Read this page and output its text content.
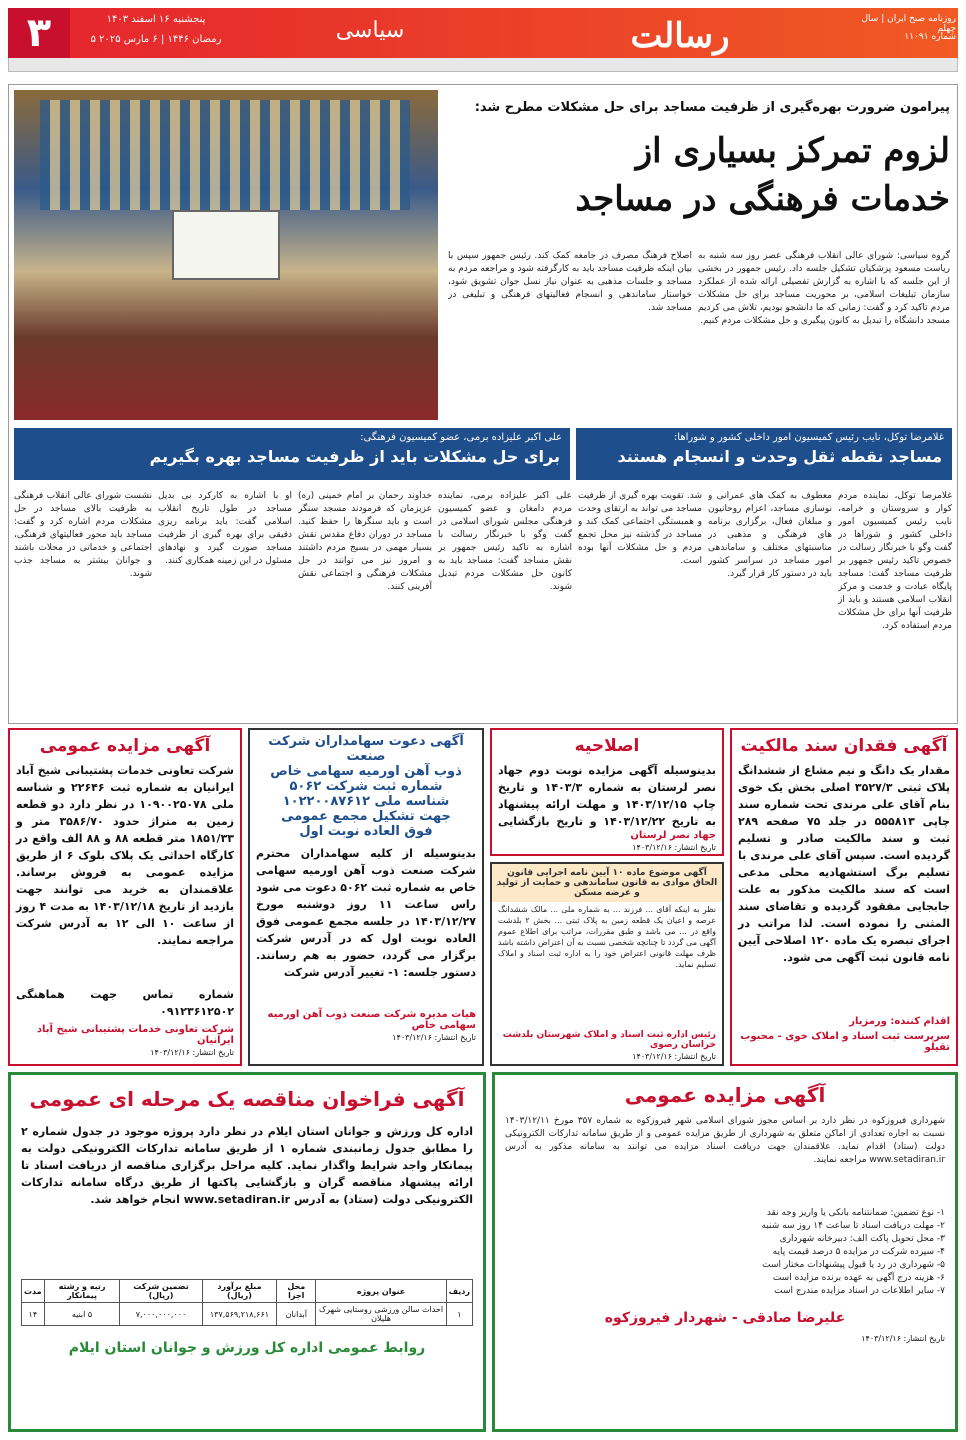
۳	پنجشنبه ۱۶ اسفند ۱۴۰۳
۵ رمضان ۱۴۴۶ | ۶ مارس ۲۰۲۵	سیاسی	رسالت	روزنامه صبح ایران | سال چهلم
شماره ۱۱۰۹۱
پیرامون ضرورت بهره‌گیری از ظرفیت مساجد برای حل مشکلات مطرح شد:
لزوم تمرکز بسیاری از
خدمات فرهنگی در مساجد
گروه سیاسی: شورای عالی انقلاب فرهنگی عصر روز سه شنبه به ریاست مسعود پزشکیان تشکیل جلسه داد. رئیس جمهور در بخشی از این جلسه که با اشاره به گزارش تفصیلی ارائه شده از عملکرد سازمان تبلیغات اسلامی، بر محوریت مساجد برای حل مشکلات مردم تاکید کرد و گفت: زمانی که ما دانشجو بودیم، تلاش می کردیم مسجد دانشگاه را تبدیل به کانون پیگیری و حل مشکلات مردم کنیم.
اصلاح فرهنگ مصرف در جامعه کمک کند. رئیس جمهور سپس با بیان اینکه ظرفیت مساجد باید به کارگرفته شود و مراجعه مردم به مساجد و جلسات مذهبی به عنوان نیاز نسل جوان تشویق شود، خواستار ساماندهی و انسجام فعالیتهای فرهنگی و تبلیغی در مساجد شد.
غلامرضا توکل، نایب رئیس کمیسیون امور داخلی کشور و شوراها:
مساجد نقطه ثقل وحدت و انسجام هستند
علی اکبر علیزاده برمی، عضو کمیسیون فرهنگی:
برای حل مشکلات باید از ظرفیت مساجد بهره بگیریم
غلامرضا توکل، نماینده مردم کوار و سروستان و خرامه، نایب رئیس کمیسیون امور داخلی کشور و شوراها در گفت وگو با خبرنگار رسالت در خصوص تاکید رئیس جمهور بر ظرفیت مساجد گفت: مساجد پایگاه عبادت و خدمت و مرکز انقلاب اسلامی هستند و باید از ظرفیت آنها برای حل مشکلات مردم استفاده کرد.
معطوف به کمک های عمرانی و نوسازی مساجد، اعزام روحانیون و مبلغان فعال، برگزاری برنامه های فرهنگی و مذهبی در مناسبتهای مختلف و ساماندهی امور مساجد در سراسر کشور باید در دستور کار قرار گیرد.
شد. تقویت بهره گیری از ظرفیت مساجد می تواند به ارتقای وحدت و همبستگی اجتماعی کمک کند و مساجد در گذشته نیز محل تجمع مردم و حل مشکلات آنها بوده است.
علی اکبر علیزاده برمی، نماینده مردم دامغان و عضو کمیسیون فرهنگی مجلس شورای اسلامی در گفت وگو با خبرنگار رسالت با اشاره به تاکید رئیس جمهور بر نقش مساجد گفت: مساجد باید به کانون حل مشکلات مردم تبدیل شوند.
خداوند رحمان بر امام خمینی (ره) عزیزمان که فرمودند مسجد سنگر است و باید سنگرها را حفظ کنید. مساجد در دوران دفاع مقدس نقش بسیار مهمی در بسیج مردم داشتند و امروز نیز می توانند در حل مشکلات فرهنگی و اجتماعی نقش آفرینی کنند.
او با اشاره به کارکرد بی بدیل مساجد در طول تاریخ انقلاب اسلامی گفت: باید برنامه ریزی دقیقی برای بهره گیری از ظرفیت مساجد صورت گیرد و نهادهای مسئول در این زمینه همکاری کنند.
نشست شورای عالی انقلاب فرهنگی به ظرفیت بالای مساجد در حل مشکلات مردم اشاره کرد و گفت: مساجد باید محور فعالیتهای فرهنگی، اجتماعی و خدماتی در محلات باشند و جوانان بیشتر به مساجد جذب شوند.
آگهی فقدان سند مالکیت
مقدار یک دانگ و نیم مشاع از ششدانگ پلاک ثبتی ۳۵۲۷/۳ اصلی بخش یک خوی بنام آقای علی مرندی تحت شماره سند چاپی ۵۵۵۸۱۳ در جلد ۷۵ صفحه ۲۸۹ ثبت و سند مالکیت صادر و تسلیم گردیده است. سپس آقای علی مرندی با تسلیم برگ استشهادیه محلی مدعی است که سند مالکیت مذکور به علت جابجایی مفقود گردیده و تقاضای سند المثنی را نموده است. لذا مراتب در اجرای تبصره یک ماده ۱۲۰ اصلاحی آیین نامه قانون ثبت آگهی می شود.
اقدام کننده: ورمزیار
سرپرست ثبت اسناد و املاک خوی - محبوب تقیلو
اصلاحیه
بدینوسیله آگهی مزایده نوبت دوم جهاد نصر لرستان به شماره ۱۴۰۳/۳ و تاریخ چاپ ۱۴۰۳/۱۲/۱۵ و مهلت ارائه پیشنهاد به تاریخ ۱۴۰۳/۱۲/۲۲ و تاریخ بازگشایی
جهاد نصر لرستان
تاریخ انتشار: ۱۴۰۳/۱۲/۱۶
آگهی موضوع ماده ۱۰ آیین نامه اجرایی قانون الحاق موادی به قانون ساماندهی و حمایت از تولید و عرضه مسکن
نظر به اینکه آقای ... فرزند ... به شماره ملی ... مالک ششدانگ عرصه و اعیان یک قطعه زمین به پلاک ثبتی ... بخش ۲ بلدشت واقع در ... می باشد و طبق مقررات، مراتب برای اطلاع عموم آگهی می گردد تا چنانچه شخصی نسبت به آن اعتراض داشته باشد ظرف مهلت قانونی اعتراض خود را به اداره ثبت اسناد و املاک تسلیم نماید.
رئیس اداره ثبت اسناد و املاک شهرستان بلدشت خراسان رضوی
تاریخ انتشار: ۱۴۰۳/۱۲/۱۶
آگهی دعوت سهامداران شرکت صنعت
ذوب آهن اورمیه سهامی خاص
شماره ثبت شرکت ۵۰۶۲
شناسه ملی ۱۰۲۲۰۰۸۷۶۱۲
جهت تشکیل مجمع عمومی
فوق العاده نوبت اول
بدینوسیله از کلیه سهامداران محترم شرکت صنعت ذوب آهن اورمیه سهامی خاص به شماره ثبت ۵۰۶۲ دعوت می شود راس ساعت ۱۱ روز دوشنبه مورخ ۱۴۰۳/۱۲/۲۷ در جلسه مجمع عمومی فوق العاده نوبت اول که در آدرس شرکت برگزار می گردد، حضور به هم رسانند. دستور جلسه: ۱- تغییر آدرس شرکت
هیات مدیره شرکت صنعت ذوب آهن اورمیه سهامی خاص
تاریخ انتشار: ۱۴۰۳/۱۲/۱۶
آگهی مزایده عمومی
شرکت تعاونی خدمات پشتیبانی شیخ آباد ایرانیان به شماره ثبت ۲۲۶۴۶ و شناسه ملی ۱۰۹۰۰۲۵۰۷۸ در نظر دارد دو قطعه زمین به متراژ حدود ۳۵۸۶/۷۰ متر و ۱۸۵۱/۳۳ متر قطعه ۸۸ و ۸۸ الف واقع در کارگاه احداثی یک پلاک بلوک ۶ از طریق مزایده عمومی به فروش برساند. علاقمندان به خرید می توانند جهت بازدید از تاریخ ۱۴۰۳/۱۲/۱۸ به مدت ۴ روز از ساعت ۱۰ الی ۱۲ به آدرس شرکت مراجعه نمایند.
شماره تماس جهت هماهنگی ۰۹۱۲۳۶۱۲۵۰۲
شرکت تعاونی خدمات پشتیبانی شیخ آباد ایرانیان
تاریخ انتشار: ۱۴۰۳/۱۲/۱۶
آگهی فراخوان مناقصه یک مرحله ای عمومی
اداره کل ورزش و جوانان استان ایلام در نظر دارد پروژه موجود در جدول شماره ۲ را مطابق جدول زمانبندی شماره ۱ از طریق سامانه تدارکات الکترونیکی دولت به پیمانکار واجد شرایط واگذار نماید. کلیه مراحل برگزاری مناقصه از دریافت اسناد تا ارائه پیشنهاد مناقصه گران و بازگشایی پاکتها از طریق درگاه سامانه تدارکات الکترونیکی دولت (ستاد) به آدرس www.setadiran.ir انجام خواهد شد.
ردیف	عنوان پروژه	محل اجرا	مبلغ برآورد (ریال)	تضمین شرکت (ریال)	رتبه و رشته پیمانکار	مدت
۱	احداث سالن ورزشی روستایی شهرک هلیلان	آبدانان	۱۳۷,۵۶۹,۲۱۸,۶۶۱	۷,۰۰۰,۰۰۰,۰۰۰	۵ ابنیه	۱۴
روابط عمومی اداره کل ورزش و جوانان استان ایلام
آگهی مزایده عمومی
شهرداری فیروزکوه در نظر دارد بر اساس مجوز شورای اسلامی شهر فیروزکوه به شماره ۳۵۷ مورخ ۱۴۰۳/۱۲/۱۱ نسبت به اجاره تعدادی از اماکن متعلق به شهرداری از طریق مزایده عمومی و از طریق سامانه تدارکات الکترونیکی دولت (ستاد) اقدام نماید. علاقمندان جهت دریافت اسناد مزایده می توانند به سامانه مذکور به آدرس www.setadiran.ir مراجعه نمایند.
۱- نوع تضمین: ضمانتنامه بانکی یا واریز وجه نقد
۲- مهلت دریافت اسناد تا ساعت ۱۴ روز سه شنبه
۳- محل تحویل پاکت الف: دبیرخانه شهرداری
۴- سپرده شرکت در مزایده ۵ درصد قیمت پایه
۵- شهرداری در رد یا قبول پیشنهادات مختار است
۶- هزینه درج آگهی به عهده برنده مزایده است
۷- سایر اطلاعات در اسناد مزایده مندرج است
علیرضا صادقی - شهردار فیروزکوه
تاریخ انتشار: ۱۴۰۳/۱۲/۱۶
